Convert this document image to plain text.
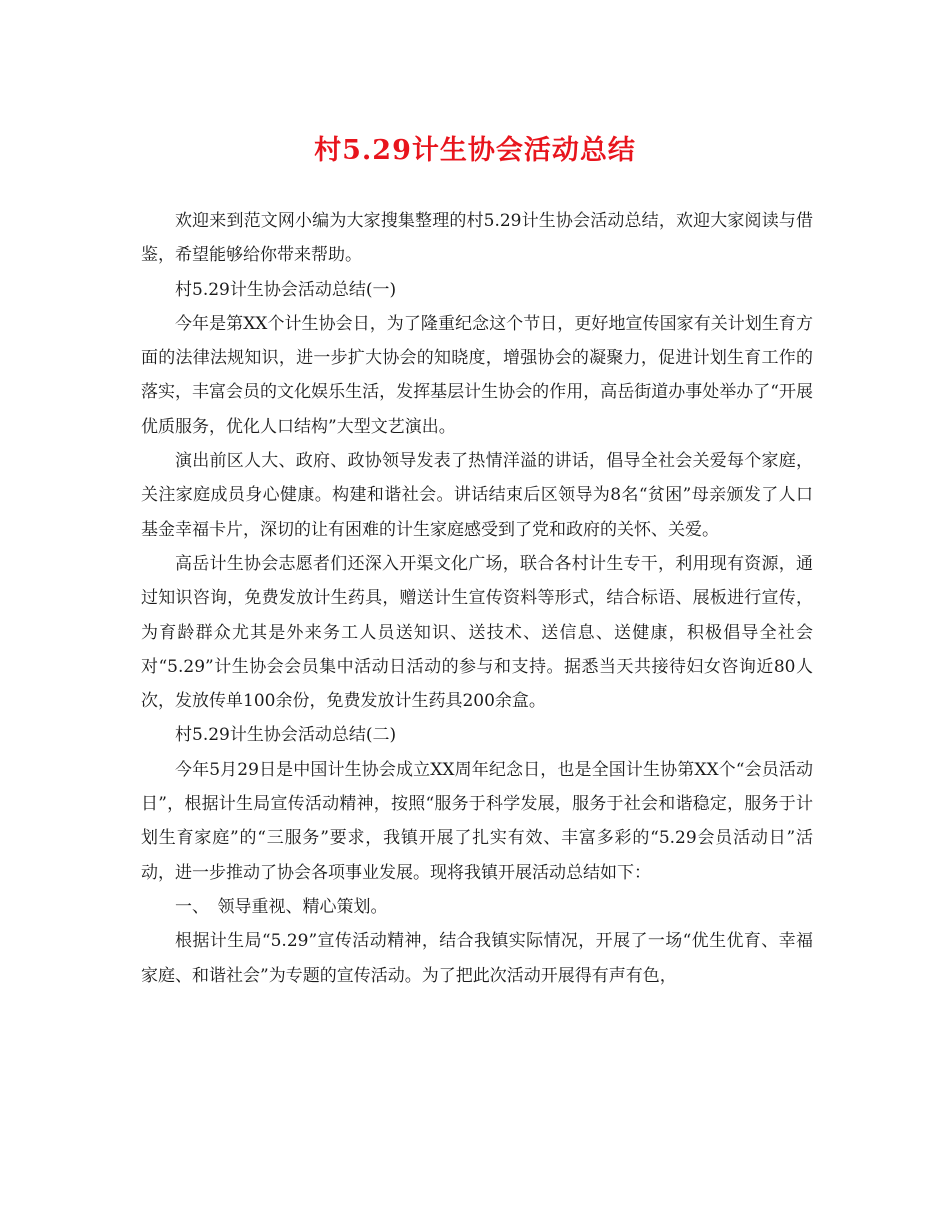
村5.29计生协会活动总结

欢迎来到范文网小编为大家搜集整理的村5.29计生协会活动总结，欢迎大家阅读与借鉴，希望能够给你带来帮助。

村5.29计生协会活动总结(一)

今年是第XX个计生协会日，为了隆重纪念这个节日，更好地宣传国家有关计划生育方面的法律法规知识，进一步扩大协会的知晓度，增强协会的凝聚力，促进计划生育工作的落实，丰富会员的文化娱乐生活，发挥基层计生协会的作用，高岳街道办事处举办了“开展优质服务，优化人口结构”大型文艺演出。

演出前区人大、政府、政协领导发表了热情洋溢的讲话，倡导全社会关爱每个家庭，关注家庭成员身心健康。构建和谐社会。讲话结束后区领导为8名“贫困”母亲颁发了人口基金幸福卡片，深切的让有困难的计生家庭感受到了党和政府的关怀、关爱。

高岳计生协会志愿者们还深入开渠文化广场，联合各村计生专干，利用现有资源，通过知识咨询，免费发放计生药具，赠送计生宣传资料等形式，结合标语、展板进行宣传，为育龄群众尤其是外来务工人员送知识、送技术、送信息、送健康，积极倡导全社会对“5.29”计生协会会员集中活动日活动的参与和支持。据悉当天共接待妇女咨询近80人次，发放传单100余份，免费发放计生药具200余盒。

村5.29计生协会活动总结(二)

今年5月29日是中国计生协会成立XX周年纪念日，也是全国计生协第XX个“会员活动日”，根据计生局宣传活动精神，按照“服务于科学发展，服务于社会和谐稳定，服务于计划生育家庭”的“三服务”要求，我镇开展了扎实有效、丰富多彩的“5.29会员活动日”活动，进一步推动了协会各项事业发展。现将我镇开展活动总结如下：

一、　领导重视、精心策划。

根据计生局“5.29”宣传活动精神，结合我镇实际情况，开展了一场“优生优育、幸福家庭、和谐社会”为专题的宣传活动。为了把此次活动开展得有声有色，
